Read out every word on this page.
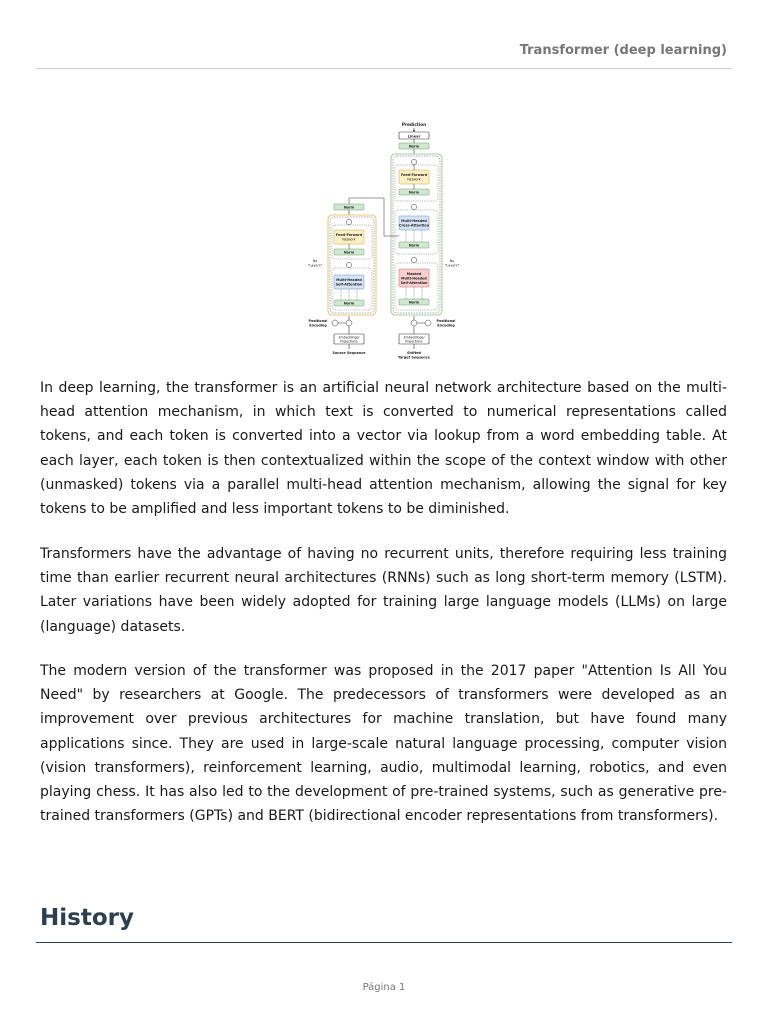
Transformer (deep learning)
Prediction
Linear
Norm
Feed-Forward
Network
Norm
Multi-Headed
Cross-Attention
Norm
Masked
Multi-Headed
Self-Attention
Norm
Positional
Encoding
Embeddings/
Projections
Shifted
Target Sequence
Nx
"Layers"
Norm
Feed-Forward
Network
Norm
Multi-Headed
Self-Attention
Norm
Positional
Encoding
Embeddings/
Projections
Source Sequence
Nx
"Layers"

In deep learning, the transformer is an artificial neural network architecture based on the multi-head attention mechanism, in which text is converted to numerical representations called tokens, and each token is converted into a vector via lookup from a word embedding table. At each layer, each token is then contextualized within the scope of the context window with other (unmasked) tokens via a parallel multi-head attention mechanism, allowing the signal for key tokens to be amplified and less important tokens to be diminished.

Transformers have the advantage of having no recurrent units, therefore requiring less training time than earlier recurrent neural architectures (RNNs) such as long short-term memory (LSTM). Later variations have been widely adopted for training large language models (LLMs) on large (language) datasets.

The modern version of the transformer was proposed in the 2017 paper "Attention Is All You Need" by researchers at Google. The predecessors of transformers were developed as an improvement over previous architectures for machine translation, but have found many applications since. They are used in large-scale natural language processing, computer vision (vision transformers), reinforcement learning, audio, multimodal learning, robotics, and even playing chess. It has also led to the development of pre-trained systems, such as generative pre-trained transformers (GPTs) and BERT (bidirectional encoder representations from transformers).

History
Página 1
